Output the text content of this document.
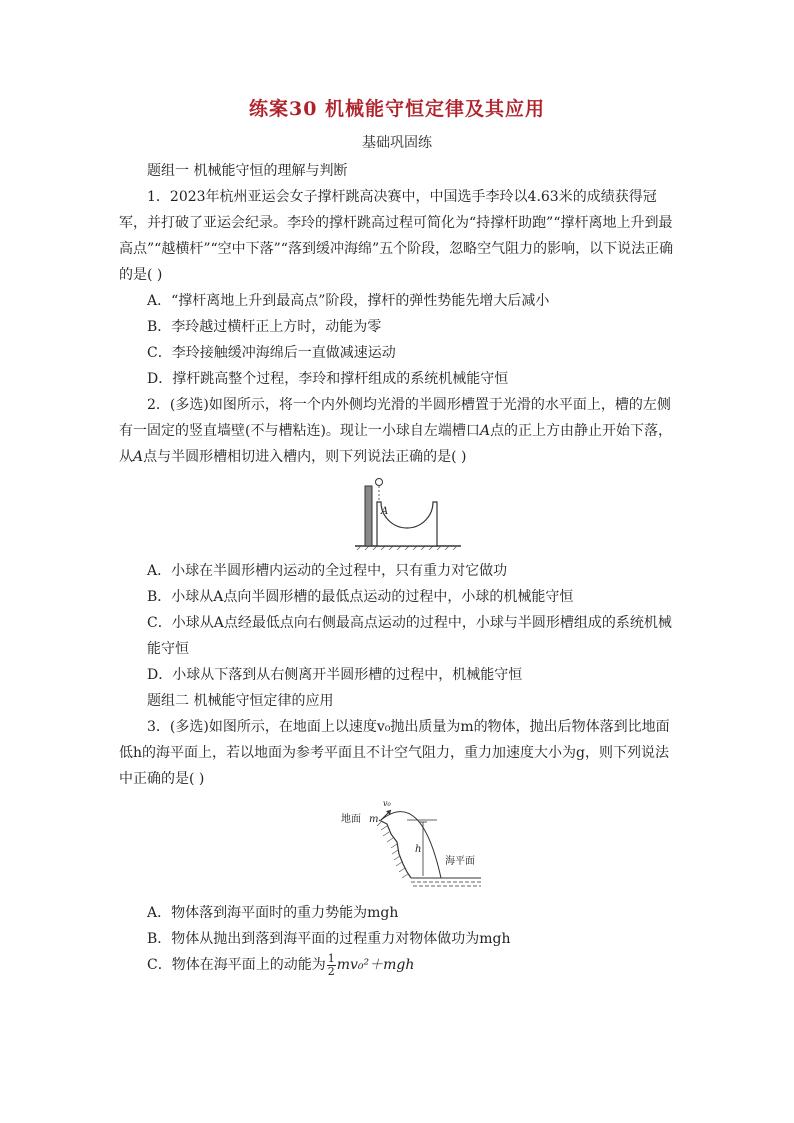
练案30 机械能守恒定律及其应用
基础巩固练

题组一 机械能守恒的理解与判断

1．2023年杭州亚运会女子撑杆跳高决赛中，中国选手李玲以4.63米的成绩获得冠军，并打破了亚运会纪录。李玲的撑杆跳高过程可简化为“持撑杆助跑”“撑杆离地上升到最高点”“越横杆”“空中下落”“落到缓冲海绵”五个阶段，忽略空气阻力的影响，以下说法正确的是( )

A．“撑杆离地上升到最高点”阶段，撑杆的弹性势能先增大后减小

B．李玲越过横杆正上方时，动能为零

C．李玲接触缓冲海绵后一直做减速运动

D．撑杆跳高整个过程，李玲和撑杆组成的系统机械能守恒

2．(多选)如图所示，将一个内外侧均光滑的半圆形槽置于光滑的水平面上，槽的左侧有一固定的竖直墙壁(不与槽粘连)。现让一小球自左端槽口A点的正上方由静止开始下落，从A点与半圆形槽相切进入槽内，则下列说法正确的是( )

A

A．小球在半圆形槽内运动的全过程中，只有重力对它做功

B．小球从A点向半圆形槽的最低点运动的过程中，小球的机械能守恒

C．小球从A点经最低点向右侧最高点运动的过程中，小球与半圆形槽组成的系统机械能守恒

D．小球从下落到从右侧离开半圆形槽的过程中，机械能守恒

题组二 机械能守恒定律的应用

3．(多选)如图所示，在地面上以速度v₀抛出质量为m的物体，抛出后物体落到比地面低h的海平面上，若以地面为参考平面且不计空气阻力，重力加速度大小为g，则下列说法中正确的是( )

地面 m
v₀
h
海平面

A．物体落到海平面时的重力势能为mgh

B．物体从抛出到落到海平面的过程重力对物体做功为mgh

C．物体在海平面上的动能为 $\frac{1}{2} mv_0^2+mgh$
